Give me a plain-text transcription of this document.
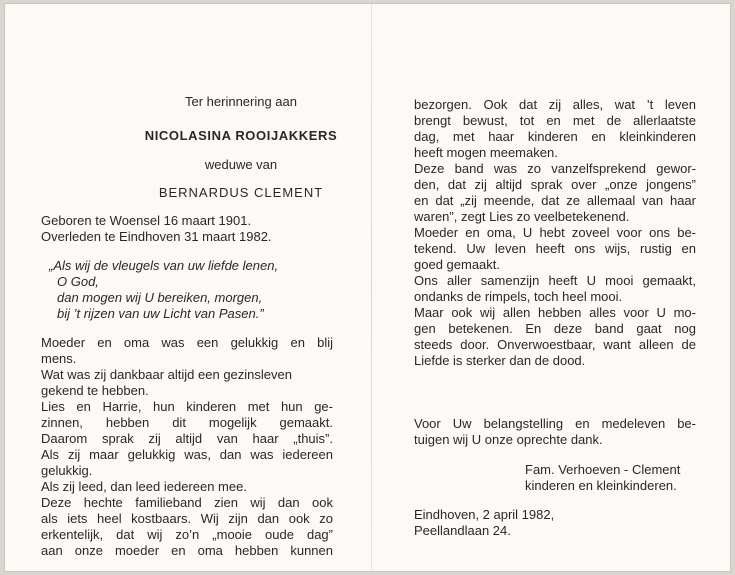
Ter herinnering aan
NICOLASINA ROOIJAKKERS
weduwe van
BERNARDUS CLEMENT
Geboren te Woensel 16 maart 1901.
Overleden te Eindhoven 31 maart 1982.
„Als wij de vleugels van uw liefde lenen,
O God,
dan mogen wij U bereiken, morgen,
bij ’t rijzen van uw Licht van Pasen.”
Moeder en oma was een gelukkig en blij
mens.
Wat was zij dankbaar altijd een gezinsleven
gekend te hebben.
Lies en Harrie, hun kinderen met hun ge-
zinnen, hebben dit mogelijk gemaakt.
Daarom sprak zij altijd van haar „thuis”.
Als zij maar gelukkig was, dan was iedereen
gelukkig.
Als zij leed, dan leed iedereen mee.
Deze hechte familieband zien wij dan ook
als iets heel kostbaars. Wij zijn dan ook zo
erkentelijk, dat wij zo’n „mooie oude dag”
aan onze moeder en oma hebben kunnen
bezorgen. Ook dat zij alles, wat ’t leven
brengt bewust, tot en met de allerlaatste
dag, met haar kinderen en kleinkinderen
heeft mogen meemaken.
Deze band was zo vanzelfsprekend gewor-
den, dat zij altijd sprak over „onze jongens”
en dat „zij meende, dat ze allemaal van haar
waren”, zegt Lies zo veelbetekenend.
Moeder en oma, U hebt zoveel voor ons be-
tekend. Uw leven heeft ons wijs, rustig en
goed gemaakt.
Ons aller samenzijn heeft U mooi gemaakt,
ondanks de rimpels, toch heel mooi.
Maar ook wij allen hebben alles voor U mo-
gen betekenen. En deze band gaat nog
steeds door. Onverwoestbaar, want alleen de
Liefde is sterker dan de dood.
Voor Uw belangstelling en medeleven be-
tuigen wij U onze oprechte dank.
Fam. Verhoeven - Clement
kinderen en kleinkinderen.
Eindhoven, 2 april 1982,
Peellandlaan 24.
